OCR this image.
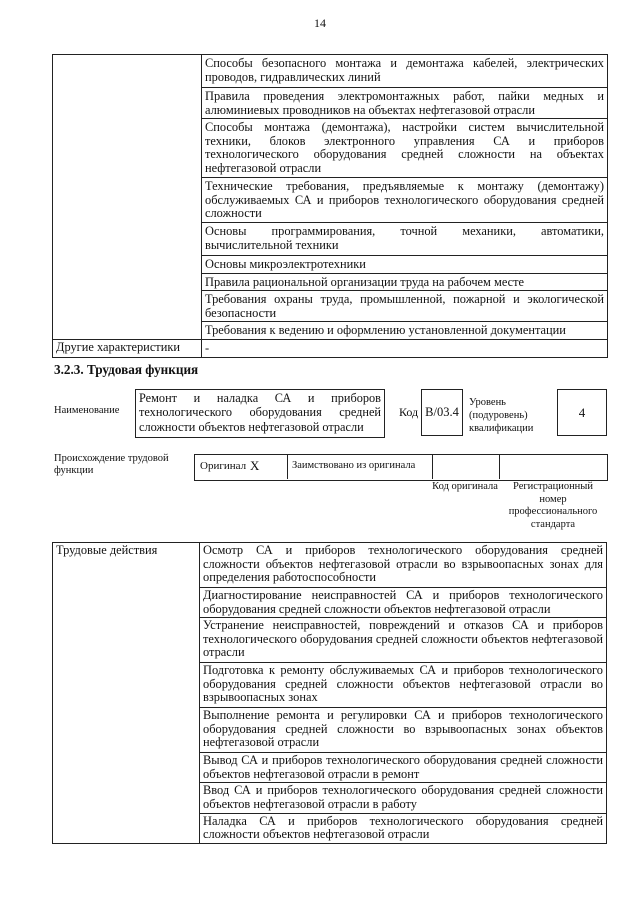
14
	Способы безопасного монтажа и демонтажа кабелей, электрических проводов, гидравлических линий
	Правила проведения электромонтажных работ, пайки медных и алюминиевых проводников на объектах нефтегазовой отрасли
	Способы монтажа (демонтажа), настройки систем вычислительной техники, блоков электронного управления СА и приборов технологического оборудования средней сложности на объектах нефтегазовой отрасли
	Технические требования, предъявляемые к монтажу (демонтажу) обслуживаемых СА и приборов технологического оборудования средней сложности
	Основы программирования, точной механики, автоматики, вычислительной техники
	Основы микроэлектротехники
	Правила рациональной организации труда на рабочем месте
	Требования охраны труда, промышленной, пожарной и экологической безопасности
	Требования к ведению и оформлению установленной документации
Другие характеристики	-
3.2.3. Трудовая функция
Наименование
Ремонт и наладка СА и приборов технологического оборудования средней сложности объектов нефтегазовой отрасли
Код B/03.4
Уровень (подуровень) квалификации
4
Происхождение трудовой функции	Оригинал X	Заимствовано из оригинала
Код оригинала	Регистрационный номер профессионального стандарта
Трудовые действия	Осмотр СА и приборов технологического оборудования средней сложности объектов нефтегазовой отрасли во взрывоопасных зонах для определения работоспособности
Диагностирование неисправностей СА и приборов технологического оборудования средней сложности объектов нефтегазовой отрасли
Устранение неисправностей, повреждений и отказов СА и приборов технологического оборудования средней сложности объектов нефтегазовой отрасли
Подготовка к ремонту обслуживаемых СА и приборов технологического оборудования средней сложности объектов нефтегазовой отрасли во взрывоопасных зонах
Выполнение ремонта и регулировки СА и приборов технологического оборудования средней сложности во взрывоопасных зонах объектов нефтегазовой отрасли
Вывод СА и приборов технологического оборудования средней сложности объектов нефтегазовой отрасли в ремонт
Ввод СА и приборов технологического оборудования средней сложности объектов нефтегазовой отрасли в работу
Наладка СА и приборов технологического оборудования средней сложности объектов нефтегазовой отрасли
